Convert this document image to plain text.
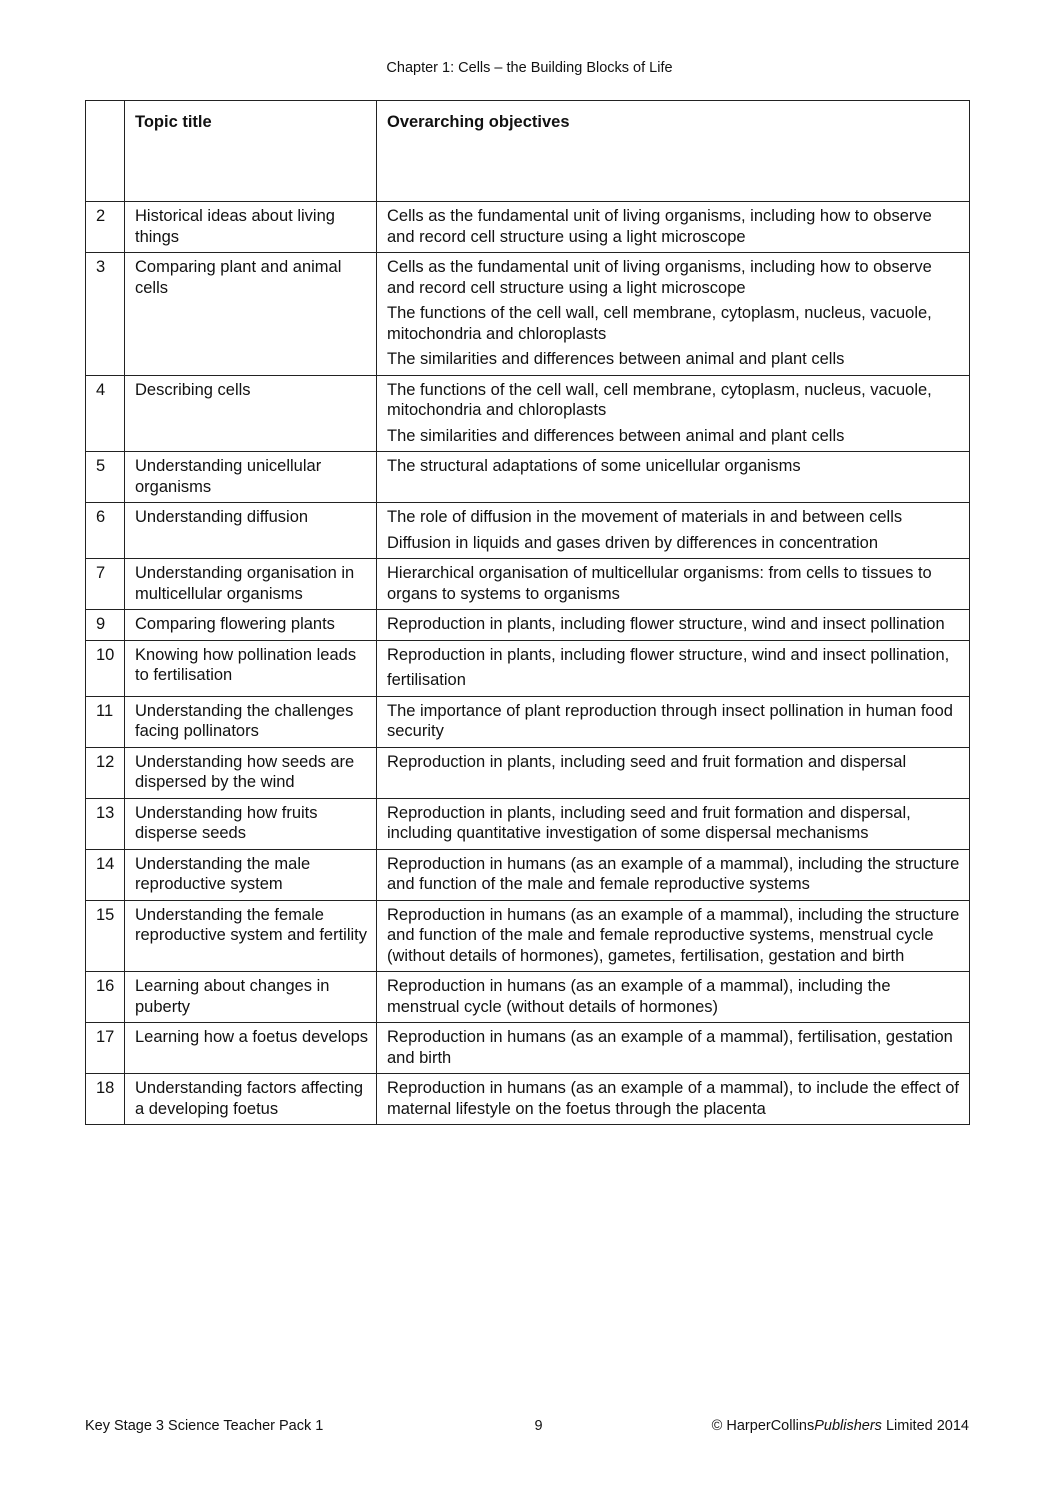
Chapter 1: Cells – the Building Blocks of Life
	Topic title	Overarching objectives
2	Historical ideas about living things	Cells as the fundamental unit of living organisms, including how to observe and record cell structure using a light microscope

3	Comparing plant and animal cells	Cells as the fundamental unit of living organisms, including how to observe and record cell structure using a light microscope
The functions of the cell wall, cell membrane, cytoplasm, nucleus, vacuole, mitochondria and chloroplasts
The similarities and differences between animal and plant cells

4	Describing cells	The functions of the cell wall, cell membrane, cytoplasm, nucleus, vacuole, mitochondria and chloroplasts
The similarities and differences between animal and plant cells

5	Understanding unicellular organisms	The structural adaptations of some unicellular organisms

6	Understanding diffusion	The role of diffusion in the movement of materials in and between cells
Diffusion in liquids and gases driven by differences in concentration

7	Understanding organisation in multicellular organisms	Hierarchical organisation of multicellular organisms: from cells to tissues to organs to systems to organisms

9	Comparing flowering plants	Reproduction in plants, including flower structure, wind and insect pollination

10	Knowing how pollination leads to fertilisation	Reproduction in plants, including flower structure, wind and insect pollination,
fertilisation

11	Understanding the challenges facing pollinators	The importance of plant reproduction through insect pollination in human food security

12	Understanding how seeds are dispersed by the wind	Reproduction in plants, including seed and fruit formation and dispersal

13	Understanding how fruits disperse seeds	Reproduction in plants, including seed and fruit formation and dispersal, including quantitative investigation of some dispersal mechanisms

14	Understanding the male reproductive system	Reproduction in humans (as an example of a mammal), including the structure and function of the male and female reproductive systems

15	Understanding the female reproductive system and fertility	Reproduction in humans (as an example of a mammal), including the structure and function of the male and female reproductive systems, menstrual cycle (without details of hormones), gametes, fertilisation, gestation and birth

16	Learning about changes in puberty	Reproduction in humans (as an example of a mammal), including the menstrual cycle (without details of hormones)

17	Learning how a foetus develops	Reproduction in humans (as an example of a mammal), fertilisation, gestation and birth

18	Understanding factors affecting a developing foetus	Reproduction in humans (as an example of a mammal), to include the effect of maternal lifestyle on the foetus through the placenta
Key Stage 3 Science Teacher Pack 1	9	© HarperCollinsPublishers Limited 2014
